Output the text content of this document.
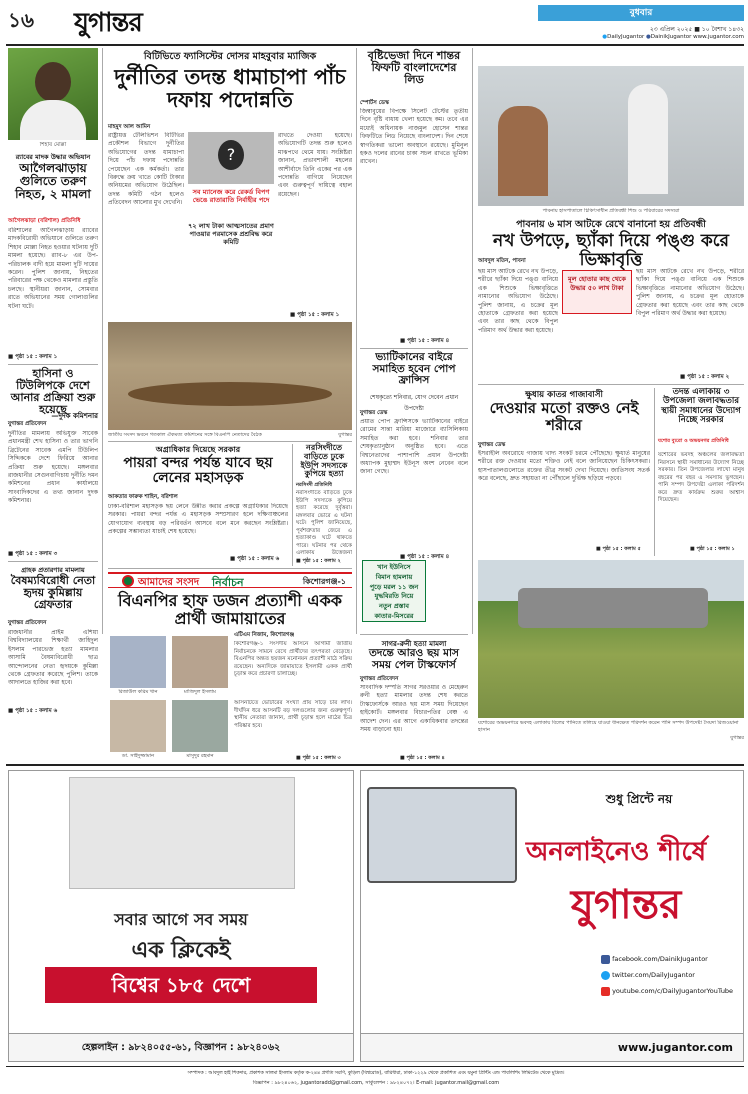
১৬ যুগান্তর	বুধবার
২৩ এপ্রিল ২০২৫ ■ ১০ বৈশাখ ১৪৩২
●DailyJugantor ●DainikJugantor www.jugantor.com
শিহাব মোল্লা
র‍্যাবের মাদক উদ্ধার অভিযান
আগৈলঝাড়ায় গুলিতে তরুণ নিহত, ২ মামলা
আগৈলঝাড়া (বরিশাল) প্রতিনিধি
বরিশালের আগৈলঝাড়ায় র‍্যাবের মাদকবিরোধী অভিযানে গুলিতে তরুণ শিহাব মোল্লা নিহত হওয়ার ঘটনায় দুটি মামলা হয়েছে। র‍্যাব-৮ এর উপ-পরিচালক বাদী হয়ে মামলা দুটি দায়ের করেন। পুলিশ জানায়, নিহতের পরিবারের পক্ষ থেকেও মামলার প্রস্তুতি চলছে। স্থানীয়রা জানান, সোমবার রাতে অভিযানের সময় গোলাগুলির ঘটনা ঘটে।
■ পৃষ্ঠা ১৫ : কলাম ১
হাসিনা ও টিউলিপকে দেশে আনার প্রক্রিয়া শুরু হয়েছে
—দুদক কমিশনার
যুগান্তর প্রতিবেদন
দুর্নীতির মামলায় অভিযুক্ত সাবেক প্রধানমন্ত্রী শেখ হাসিনা ও তার ভাগনি ব্রিটেনের সাবেক এমপি টিউলিপ সিদ্দিককে দেশে ফিরিয়ে আনার প্রক্রিয়া শুরু হয়েছে। মঙ্গলবার রাজধানীর সেগুনবাগিচায় দুর্নীতি দমন কমিশনের প্রধান কার্যালয়ে সাংবাদিকদের এ তথ্য জানান দুদক কমিশনার।
■ পৃষ্ঠা ১৫ : কলাম ৩
গ্রাহক প্রতারণার মামলায়
বৈষম্যবিরোধী নেতা হৃদয় কুমিল্লায় গ্রেফতার
যুগান্তর প্রতিবেদন
রাজধানীর প্রাইম এশিয়া বিশ্ববিদ্যালয়ের শিক্ষার্থী জাহিদুল ইসলাম পারভেজ হত্যা মামলার আসামি বৈষম্যবিরোধী ছাত্র আন্দোলনের নেতা হৃদয়কে কুমিল্লা থেকে গ্রেফতার করেছে পুলিশ। তাকে আদালতে হাজির করা হবে।
■ পৃষ্ঠা ১৫ : কলাম ৬
বিটিভিতে ফ্যাসিস্টের দোসর মাহবুবার ম্যাজিক
দুর্নীতির তদন্ত ধামাচাপা পাঁচ দফায় পদোন্নতি
মাহমুদ আল আমিন
রাষ্ট্রায়ত্ত টেলিভিশন বিটিভির প্রকৌশল বিভাগে দুর্নীতির অভিযোগের তদন্ত ধামাচাপা দিয়ে পাঁচ দফায় পদোন্নতি পেয়েছেন এক কর্মকর্তা। তার বিরুদ্ধে ক্রয় খাতে কোটি টাকার অনিয়মের অভিযোগ উঠেছিল। তদন্ত কমিটি গঠন হলেও প্রতিবেদন আলোর মুখ দেখেনি।
?
সব ম্যানেজ করে রেকর্ড বিপণ ভেঙে রাতারাতি নির্বাহীর পদে
৭২ লাখ টাকা আত্মসাতের প্রমাণ পাওয়ার পরমাসেক প্রশ্রবিদ্ধ করে কমিটি
রাখতে দেওয়া হয়েছে। অভিযোগটি তদন্ত শুরু হলেও মাঝপথে থেমে যায়। সংশ্লিষ্টরা জানান, প্রভাবশালী মহলের আশীর্বাদে তিনি একের পর এক পদোন্নতি বাগিয়ে নিয়েছেন এবং গুরুত্বপূর্ণ দায়িত্বে বহাল রয়েছেন।
■ পৃষ্ঠা ১৫ : কলাম ১
জাতীয় সংসদ ভবনে গতকাল ঐকমত্য কমিশনের সঙ্গে বিএনপি নেতাদের বৈঠক	যুগান্তর
অগ্রাধিকার দিয়েছে সরকার
পায়রা বন্দর পর্যন্ত যাবে ছয় লেনের মহাসড়ক
আকতার ফারুক শাহিন, বরিশাল
ঢাকা-বরিশাল মহাসড়ক ছয় লেনে উন্নীত করার প্রকল্পে অগ্রাধিকার দিয়েছে সরকার। পায়রা বন্দর পর্যন্ত এ মহাসড়ক সম্প্রসারণ হলে দক্ষিণাঞ্চলের যোগাযোগ ব্যবস্থায় বড় পরিবর্তন আসবে বলে মনে করছেন সংশ্লিষ্টরা। প্রকল্পের সম্ভাব্যতা যাচাই শেষ হয়েছে।
■ পৃষ্ঠা ১৫ : কলাম ৬
নরসিংদীতে বাড়িতে ঢুকে ইউপি সদস্যকে কুপিয়ে হত্যা
নরসিংদী প্রতিনিধি
নরসিংদীতে বাড়িতে ঢুকে ইউপি সদস্যকে কুপিয়ে হত্যা করেছে দুর্বৃত্তরা। মঙ্গলবার ভোরে এ ঘটনা ঘটে। পুলিশ জানিয়েছে, পূর্বশত্রুতার জেরে এ হত্যাকাণ্ড ঘটে থাকতে পারে। ঘটনার পর থেকে এলাকায় উত্তেজনা
■ পৃষ্ঠা ১৫ : কলাম ২
আমাদের সংসদ নির্বাচন	কিশোরগঞ্জ-১
বিএনপির হাফ ডজন প্রত্যাশী একক প্রার্থী জামায়াতের
রিজাউল করিম খান	মাজিদুল ইসলাম
ডা. সাইদুজ্জামান	মাসুদুর রহমান
এটিএম নিজাম, কিশোরগঞ্জ
কিশোরগঞ্জ-১ সংসদীয় আসনে আগামী জাতীয় নির্বাচনকে সামনে রেখে প্রার্থীদের তৎপরতা বেড়েছে। বিএনপির অন্তত ছয়জন মনোনয়ন প্রত্যাশী মাঠে সক্রিয় রয়েছেন। অন্যদিকে জামায়াতে ইসলামী একক প্রার্থী চূড়ান্ত করে প্রচারণা চালাচ্ছে।
আসনটিতে ভোটারের সংখ্যা প্রায় সাড়ে চার লাখ। দীর্ঘদিন ধরে আসনটি বড় দলগুলোর জন্য গুরুত্বপূর্ণ। স্থানীয় নেতারা জানান, প্রার্থী চূড়ান্ত হলে মাঠের চিত্র পরিষ্কার হবে।
■ পৃষ্ঠা ১৫ : কলাম ৩
বৃষ্টিভেজা দিনে শান্তর ফিফটি বাংলাদেশের লিড
স্পোর্টস ডেস্ক
জিম্বাবুয়ের বিপক্ষে সিলেট টেস্টের তৃতীয় দিনে বৃষ্টি বাধায় খেলা হয়েছে কম। তবে এর মধ্যেই অধিনায়ক নাজমুল হোসেন শান্তর ফিফটিতে লিড নিয়েছে বাংলাদেশ। দিন শেষে স্বাগতিকরা ভালো অবস্থানে রয়েছে। মুমিনুল হকও দলের রানের চাকা সচল রাখতে ভূমিকা রাখেন।
■ পৃষ্ঠা ১৫ : কলাম ৪
ভ্যাটিকানের বাইরে সমাহিত হবেন পোপ ফ্রান্সিস
শেষকৃত্যে শনিবার, যোগ দেবেন প্রধান উপদেষ্টা
যুগান্তর ডেস্ক
প্রয়াত পোপ ফ্রান্সিসকে ভ্যাটিকানের বাইরে রোমের সান্তা মারিয়া মাজোরে ব্যাসিলিকায় সমাহিত করা হবে। শনিবার তার শেষকৃত্যানুষ্ঠান অনুষ্ঠিত হবে। এতে বিশ্বনেতাদের পাশাপাশি প্রধান উপদেষ্টা অধ্যাপক মুহাম্মদ ইউনূস অংশ নেবেন বলে জানা গেছে।
■ পৃষ্ঠা ১৫ : কলাম ৪
খান ইউনিসে
বিমান হামলায়
পুড়ে মরল ১১ জন
যুদ্ধবিরতি নিয়ে
নতুন প্রস্তাব
কাতার-মিসরের
সাগর-রুনী হত্যা মামলা
তদন্তে আরও ছয় মাস সময় পেল টাস্কফোর্স
যুগান্তর প্রতিবেদন
সাংবাদিক দম্পতি সাগর সরওয়ার ও মেহেরুন রুনী হত্যা মামলার তদন্ত শেষ করতে টাস্কফোর্সকে আরও ছয় মাস সময় দিয়েছেন হাইকোর্ট। মঙ্গলবার বিচারপতির বেঞ্চ এ আদেশ দেন। এর আগে একাধিকবার তদন্তের সময় বাড়ানো হয়।
■ পৃষ্ঠা ১৫ : কলাম ৪
পাবনায় হাসপাতালে চিকিৎসাধীন প্রতিবন্ধী শিশু ও পরিবারের সদস্যরা
পাবনায় ৬ মাস আটকে রেখে বানানো হয় প্রতিবন্ধী
নখ উপড়ে, ছ্যাঁকা দিয়ে পঙ্গু করে ভিক্ষাবৃত্তি
আবদুল মতিন, পাবনা
ছয় মাস আটকে রেখে নখ উপড়ে, শরীরে ছ্যাঁকা দিয়ে পঙ্গু বানিয়ে এক শিশুকে ভিক্ষাবৃত্তিতে নামানোর অভিযোগ উঠেছে। পুলিশ জানায়, এ চক্রের মূল হোতাকে গ্রেফতার করা হয়েছে এবং তার কাছ থেকে বিপুল পরিমাণ অর্থ উদ্ধার করা হয়েছে।
মূল হোতার কাছ থেকে উদ্ধার ৫০ লাখ টাকা
ছয় মাস আটকে রেখে নখ উপড়ে, শরীরে ছ্যাঁকা দিয়ে পঙ্গু বানিয়ে এক শিশুকে ভিক্ষাবৃত্তিতে নামানোর অভিযোগ উঠেছে। পুলিশ জানায়, এ চক্রের মূল হোতাকে গ্রেফতার করা হয়েছে এবং তার কাছ থেকে বিপুল পরিমাণ অর্থ উদ্ধার করা হয়েছে।
■ পৃষ্ঠা ১৫ : কলাম ২
ক্ষুধায় কাতর গাজাবাসী
দেওয়ার মতো রক্তও নেই শরীরে
যুগান্তর ডেস্ক
ইসরাইলি অবরোধে গাজায় খাদ্য সংকট চরমে পৌঁছেছে। ক্ষুধার্ত মানুষের শরীরে রক্ত দেওয়ার মতো শক্তিও নেই বলে জানিয়েছেন চিকিৎসকরা। হাসপাতালগুলোতে রক্তের তীব্র সংকট দেখা দিয়েছে। জাতিসংঘ সতর্ক করে বলেছে, দ্রুত সহায়তা না পৌঁছালে দুর্ভিক্ষ ছড়িয়ে পড়বে।
■ পৃষ্ঠা ১৫ : কলাম ৫
তদন্ত এলাকায় ৩ উপজেলা জলাবদ্ধতার স্থায়ী সমাধানের উদ্যোগ নিচ্ছে সরকার
যশোর ব্যুরো ও অভয়নগর প্রতিনিধি
যশোরের ভবদহ অঞ্চলের জলাবদ্ধতা নিরসনে স্থায়ী সমাধানের উদ্যোগ নিচ্ছে সরকার। তিন উপজেলার লাখো মানুষ বছরের পর বছর এ সমস্যায় ভুগছেন। পানি সম্পদ উপদেষ্টা এলাকা পরিদর্শন করে দ্রুত কার্যক্রম শুরুর আশ্বাস দিয়েছেন।
■ পৃষ্ঠা ১৫ : কলাম ১
যশোরের অভয়নগরে ভবদহ এলাকায় বিলের পানিতে তলিয়ে যাওয়া ধানক্ষেত পরিদর্শন করেন পানি সম্পদ উপদেষ্টা সৈয়দা রিজওয়ানা হাসান
যুগান্তর
সবার আগে সব সময়
এক ক্লিকেই
বিশ্বের ১৮৫ দেশে
হেল্পলাইন : ৯৮২৪০৫৫-৬১, বিজ্ঞাপন : ৯৮২৪০৬২
শুধু প্রিন্টে নয়
অনলাইনেও শীর্ষে
যুগান্তর
facebook.com/DainikJugantor
twitter.com/DailyJugantor
youtube.com/c/DailyJugantorYouTube
www.jugantor.com
সম্পাদক : আবদুল হাই শিকদার, প্রকাশক সালমা ইসলাম কর্তৃক ক-২৪৪ প্রগতি সরণি, কুড়িল (বিশ্বরোড), বারিধারা, ঢাকা-১২২৯ থেকে প্রকাশিত এবং যমুনা প্রিন্টিং এন্ড পাবলিশিং লিমিটেড থেকে মুদ্রিত।
বিজ্ঞাপন : ৯৮২৪০৬২, jugantoradd@gmail.com, সার্কুলেশন : ৯৮২৪০৭২। E-mail: jugantor.mail@gmail.com
